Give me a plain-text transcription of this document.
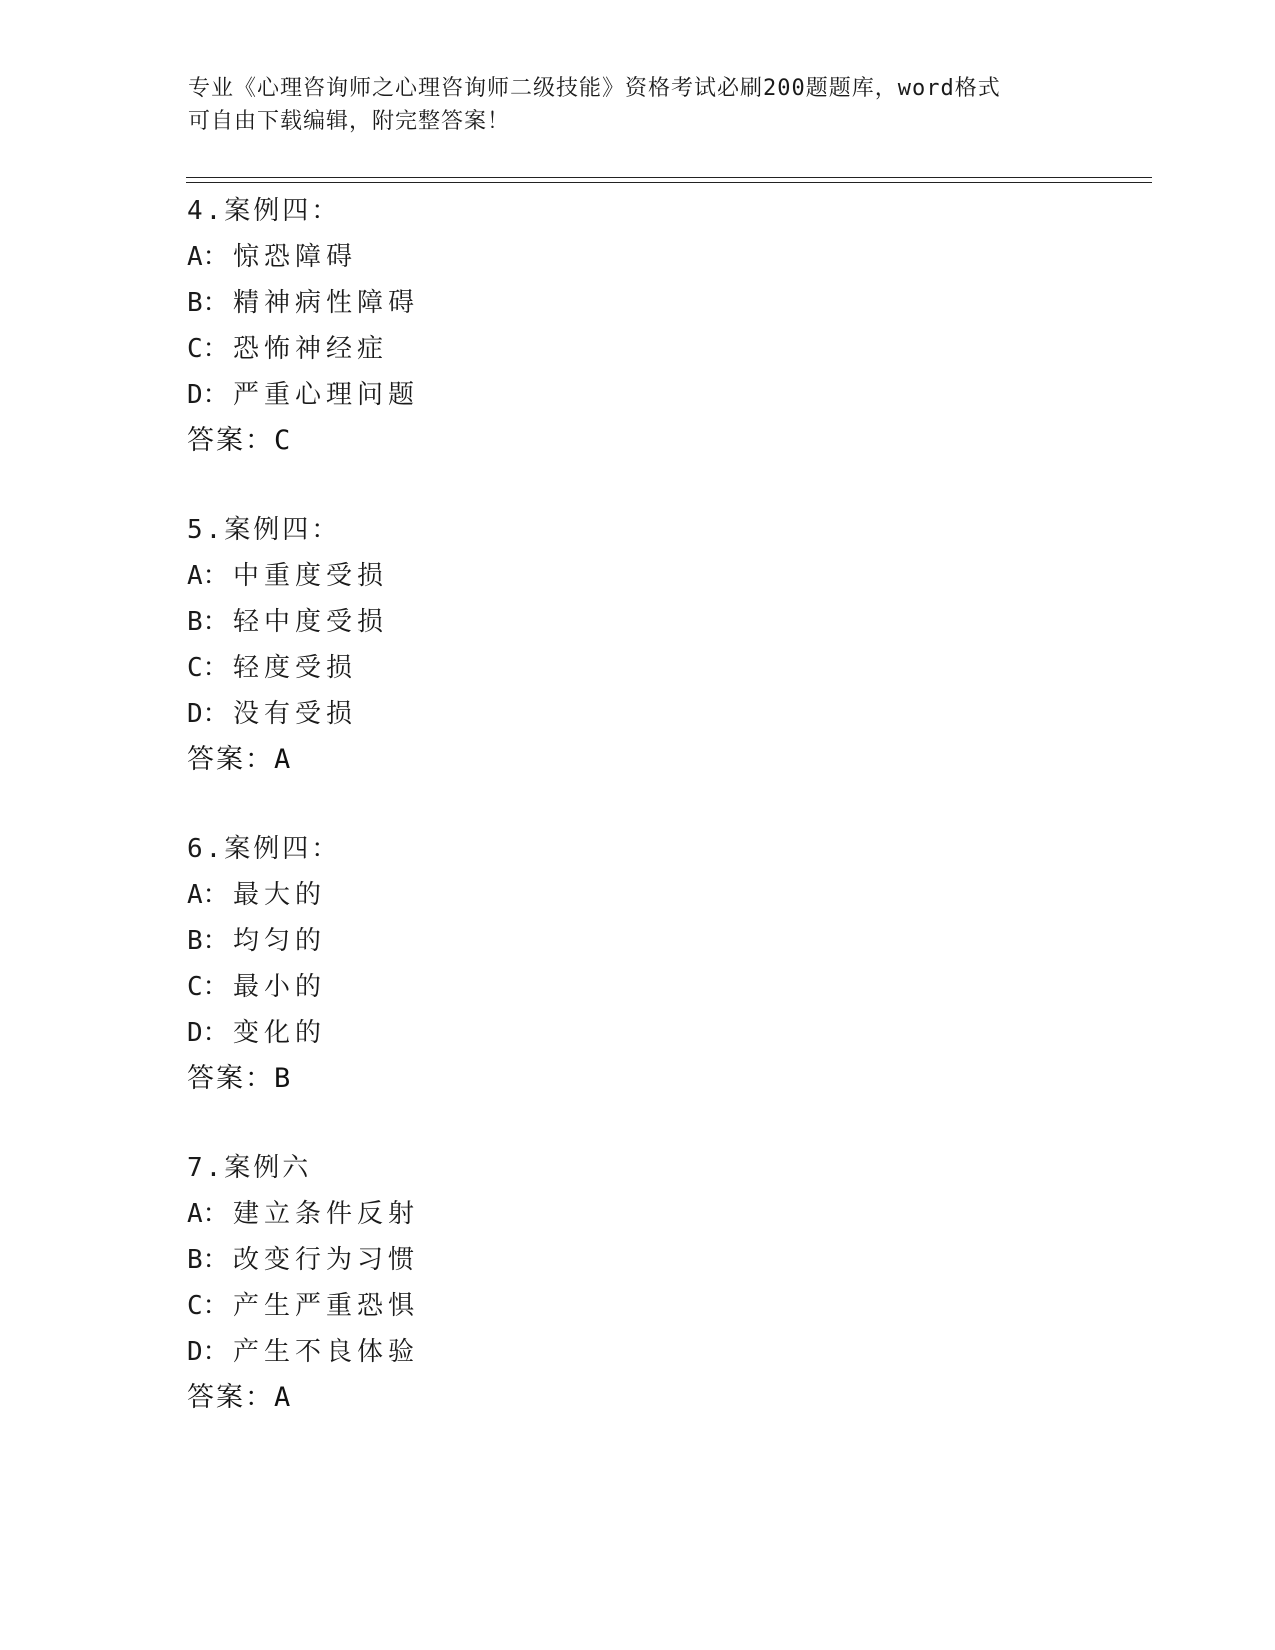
专业《心理咨询师之心理咨询师二级技能》资格考试必刷200题题库，word格式
可自由下载编辑，附完整答案！
4.案例四：
A： 惊恐障碍
B： 精神病性障碍
C： 恐怖神经症
D： 严重心理问题
答案：C
5.案例四：
A： 中重度受损
B： 轻中度受损
C： 轻度受损
D： 没有受损
答案：A
6.案例四：
A： 最大的
B： 均匀的
C： 最小的
D： 变化的
答案：B
7.案例六
A： 建立条件反射
B： 改变行为习惯
C： 产生严重恐惧
D： 产生不良体验
答案：A
